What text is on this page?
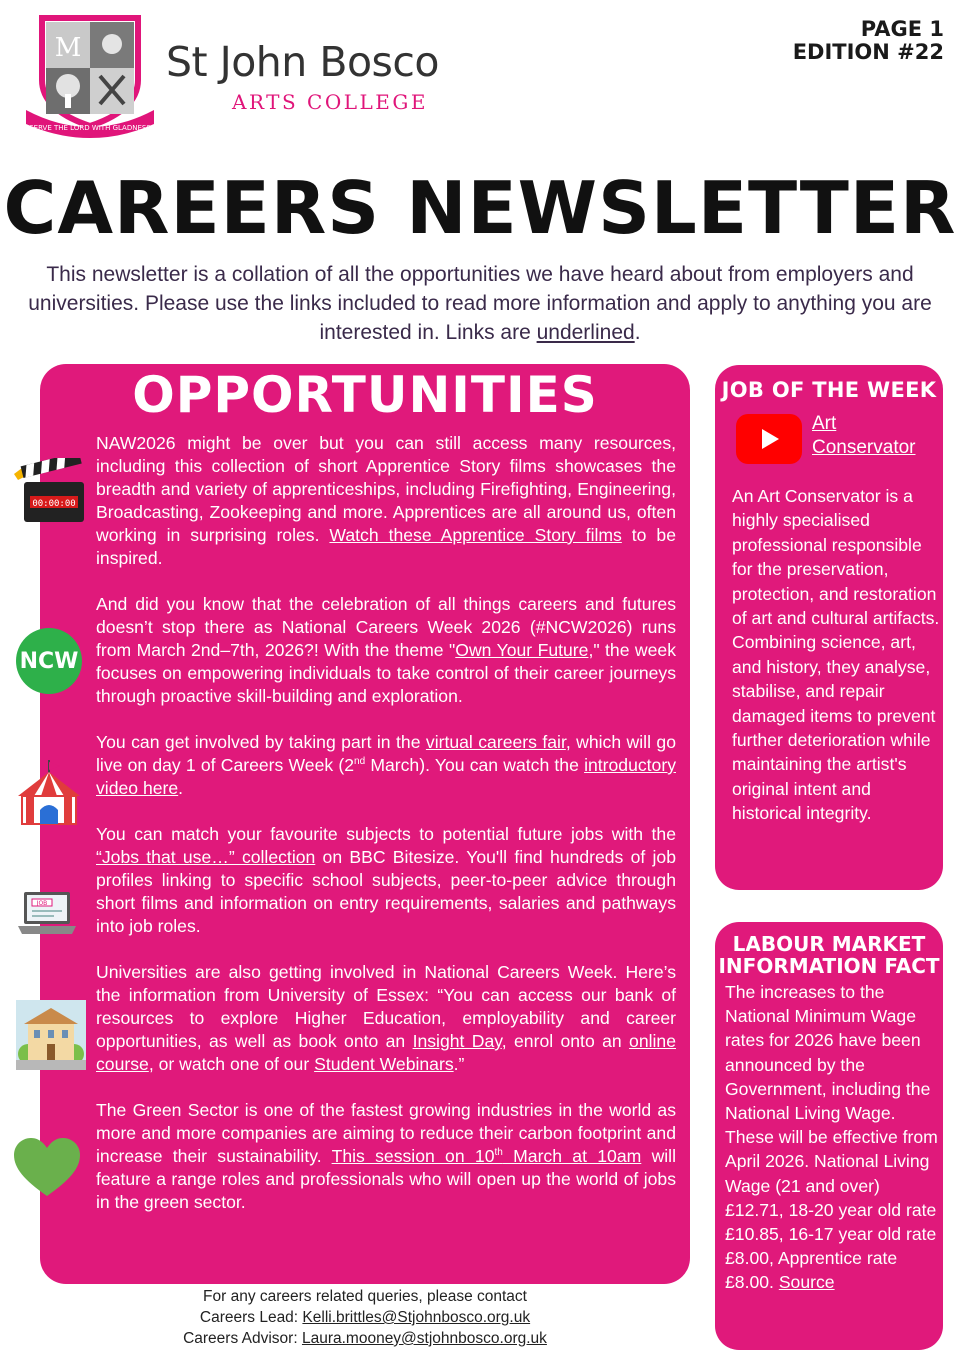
M
SERVE THE LORD WITH GLADNESS
St John Bosco
ARTS COLLEGE
PAGE 1
EDITION #22
CAREERS NEWSLETTER
This newsletter is a collation of all the opportunities we have heard about from employers and universities. Please use the links included to read more information and apply to anything you are interested in. Links are underlined.
OPPORTUNITIES

NAW2026 might be over but you can still access many resources, including this collection of short Apprentice Story films showcases the breadth and variety of apprenticeships, including Firefighting, Engineering, Broadcasting, Zookeeping and more. Apprentices are all around us, often working in surprising roles. Watch these Apprentice Story films to be inspired.

And did you know that the celebration of all things careers and futures doesn’t stop there as National Careers Week 2026 (#NCW2026) runs from March 2nd–7th, 2026?! With the theme "Own Your Future," the week focuses on empowering individuals to take control of their career journeys through proactive skill-building and exploration.

You can get involved by taking part in the virtual careers fair, which will go live on day 1 of Careers Week (2nd March). You can watch the introductory video here.

You can match your favourite subjects to potential future jobs with the “Jobs that use…” collection on BBC Bitesize. You'll find hundreds of job profiles linking to specific school subjects, peer-to-peer advice through short films and information on entry requirements, salaries and pathways into job roles.

Universities are also getting involved in National Careers Week. Here’s the information from University of Essex: “You can access our bank of resources to explore Higher Education, employability and career opportunities, as well as book onto an Insight Day, enrol onto an online course, or watch one of our Student Webinars.”

The Green Sector is one of the fastest growing industries in the world as more and more companies are aiming to reduce their carbon footprint and increase their sustainability. This session on 10th March at 10am will feature a range roles and professionals who will open up the world of jobs in the green sector.

00:00:00
NCW
JOB
JOB OF THE WEEK
Art
Conservator
An Art Conservator is a highly specialised professional responsible for the preservation, protection, and restoration of art and cultural artifacts. Combining science, art, and history, they analyse, stabilise, and repair damaged items to prevent further deterioration while maintaining the artist's original intent and historical integrity.
LABOUR MARKET
INFORMATION FACT
The increases to the National Minimum Wage rates for 2026 have been announced by the Government, including the National Living Wage. These will be effective from April 2026. National Living Wage (21 and over) £12.71, 18-20 year old rate £10.85, 16-17 year old rate £8.00, Apprentice rate £8.00. Source
For any careers related queries, please contact
Careers Lead: Kelli.brittles@Stjohnbosco.org.uk
Careers Advisor: Laura.mooney@stjohnbosco.org.uk
